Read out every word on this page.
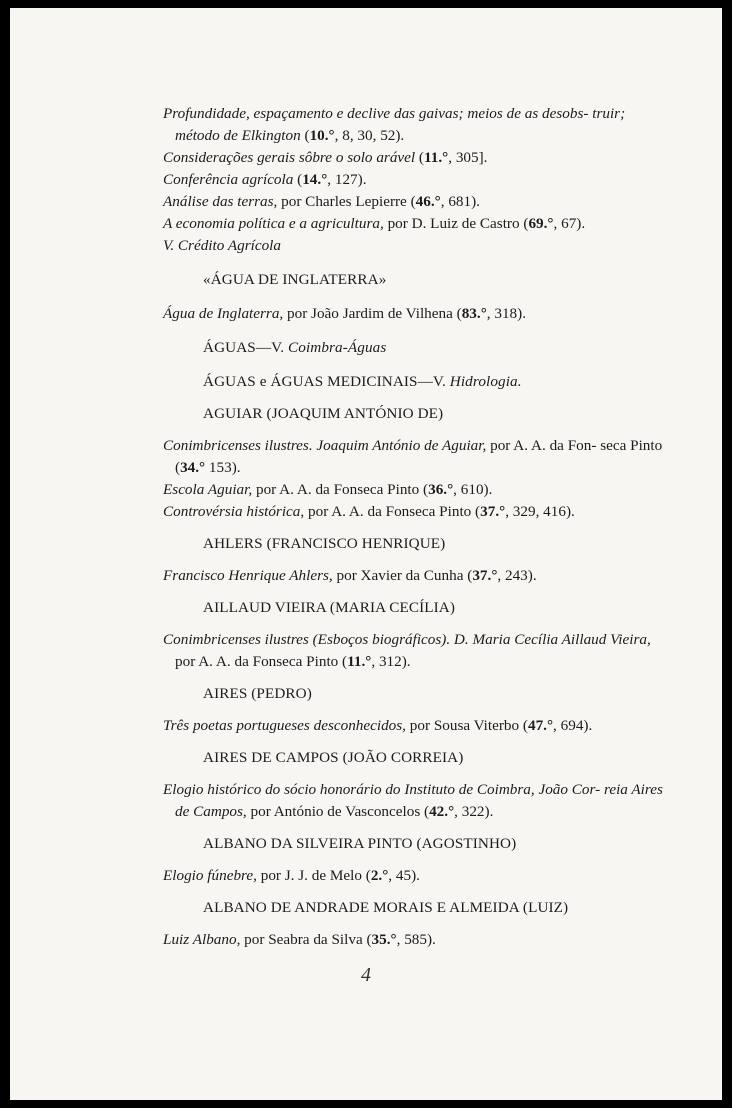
Profundidade, espaçamento e declive das gaivas; meios de as desobs- truir; método de Elkington (10.°, 8, 30, 52).

Considerações gerais sôbre o solo arável (11.°, 305].

Conferência agrícola (14.°, 127).

Análise das terras, por Charles Lepierre (46.°, 681).

A economia política e a agricultura, por D. Luiz de Castro (69.°, 67).

V. Crédito Agrícola

«ÁGUA DE INGLATERRA»

Água de Inglaterra, por João Jardim de Vilhena (83.°, 318).

ÁGUAS—V. Coimbra-Águas
ÁGUAS e ÁGUAS MEDICINAIS—V. Hidrologia.
AGUIAR (JOAQUIM ANTÓNIO DE)

Conimbricenses ilustres. Joaquim António de Aguiar, por A. A. da Fon- seca Pinto (34.° 153).

Escola Aguiar, por A. A. da Fonseca Pinto (36.°, 610).

Controvérsia histórica, por A. A. da Fonseca Pinto (37.°, 329, 416).

AHLERS (FRANCISCO HENRIQUE)

Francisco Henrique Ahlers, por Xavier da Cunha (37.°, 243).

AILLAUD VIEIRA (MARIA CECÍLIA)

Conimbricenses ilustres (Esboços biográficos). D. Maria Cecília Aillaud Vieira, por A. A. da Fonseca Pinto (11.°, 312).

AIRES (PEDRO)

Três poetas portugueses desconhecidos, por Sousa Viterbo (47.°, 694).

AIRES DE CAMPOS (JOÃO CORREIA)

Elogio histórico do sócio honorário do Instituto de Coimbra, João Cor- reia Aires de Campos, por António de Vasconcelos (42.°, 322).

ALBANO DA SILVEIRA PINTO (AGOSTINHO)

Elogio fúnebre, por J. J. de Melo (2.°, 45).

ALBANO DE ANDRADE MORAIS E ALMEIDA (LUIZ)

Luiz Albano, por Seabra da Silva (35.°, 585).

4
